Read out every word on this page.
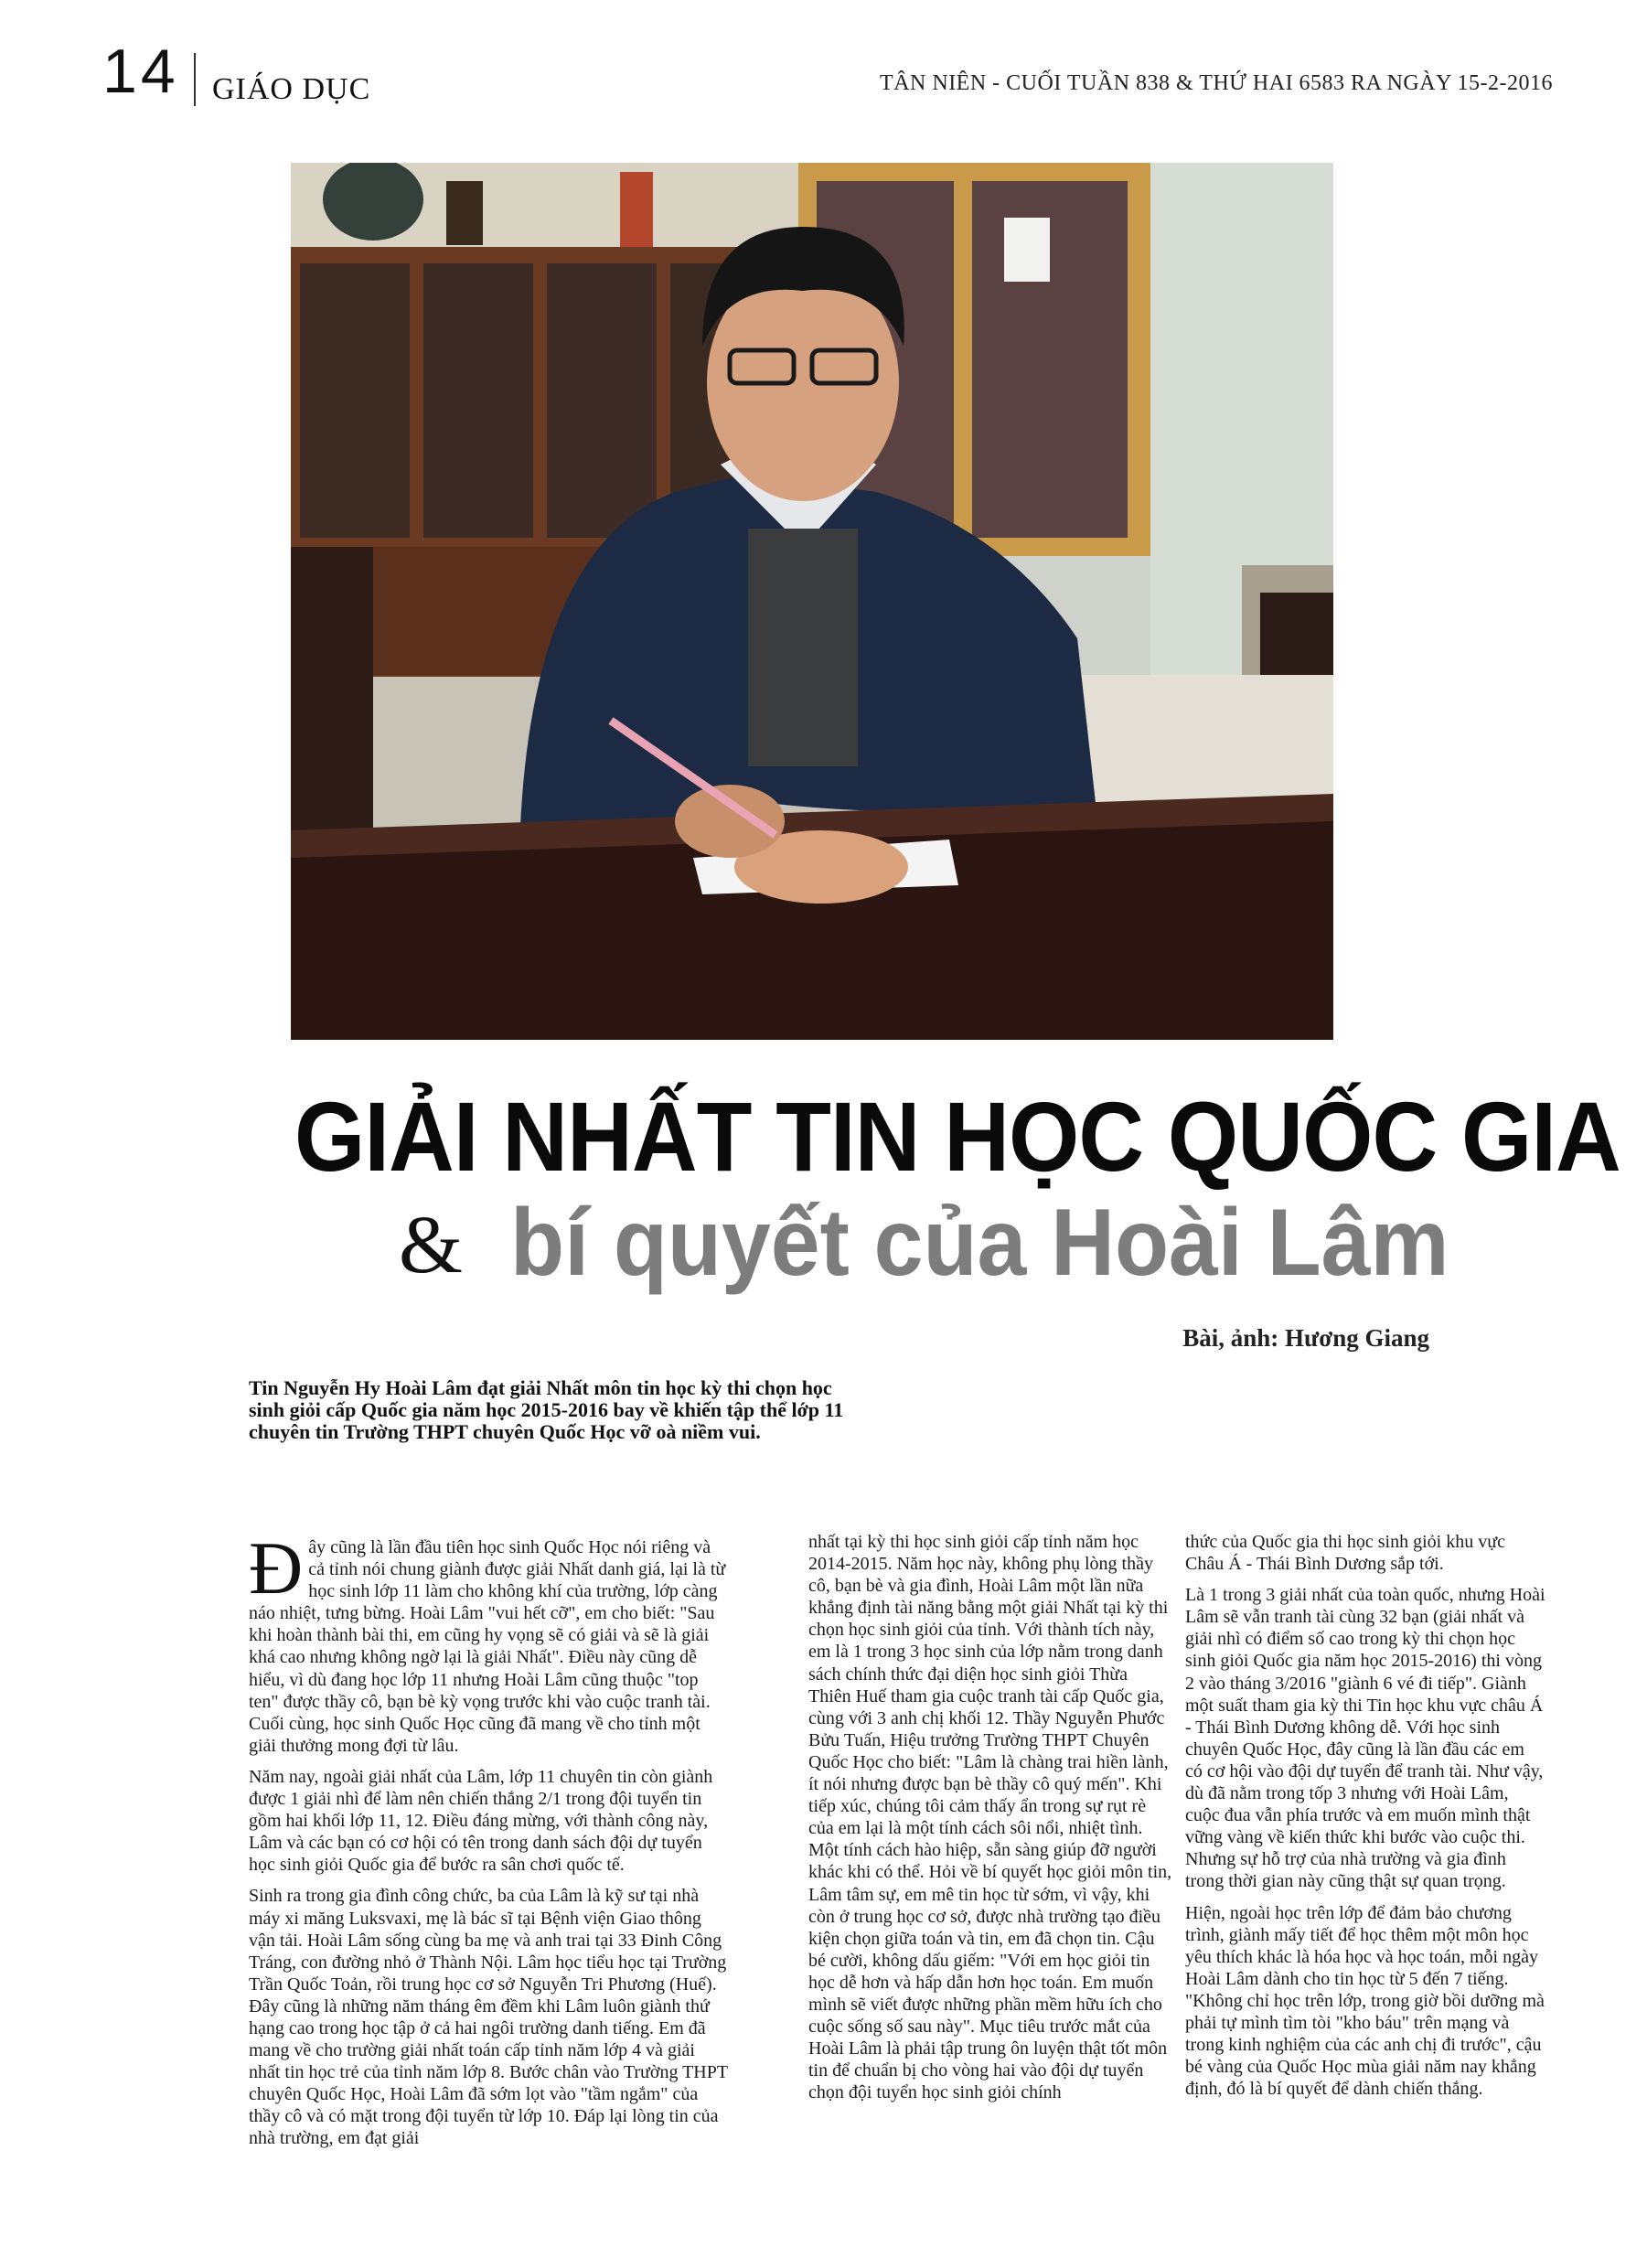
14 GIÁO DỤC	TÂN NIÊN - CUỐI TUẦN 838 & THỨ HAI 6583 RA NGÀY 15-2-2016
GIẢI NHẤT TIN HỌC QUỐC GIA
& bí quyết của Hoài Lâm
Bài, ảnh: Hương Giang
Tin Nguyễn Hy Hoài Lâm đạt giải Nhất môn tin học kỳ thi chọn học sinh giỏi cấp Quốc gia năm học 2015-2016 bay về khiến tập thể lớp 11 chuyên tin Trường THPT chuyên Quốc Học vỡ oà niềm vui.

Đây cũng là lần đầu tiên học sinh Quốc Học nói riêng và cả tỉnh nói chung giành được giải Nhất danh giá, lại là từ học sinh lớp 11 làm cho không khí của trường, lớp càng náo nhiệt, tưng bừng. Hoài Lâm "vui hết cỡ", em cho biết: "Sau khi hoàn thành bài thi, em cũng hy vọng sẽ có giải và sẽ là giải khá cao nhưng không ngờ lại là giải Nhất". Điều này cũng dễ hiểu, vì dù đang học lớp 11 nhưng Hoài Lâm cũng thuộc "top ten" được thầy cô, bạn bè kỳ vọng trước khi vào cuộc tranh tài. Cuối cùng, học sinh Quốc Học cũng đã mang về cho tỉnh một giải thưởng mong đợi từ lâu.

Năm nay, ngoài giải nhất của Lâm, lớp 11 chuyên tin còn giành được 1 giải nhì để làm nên chiến thắng 2/1 trong đội tuyển tin gồm hai khối lớp 11, 12. Điều đáng mừng, với thành công này, Lâm và các bạn có cơ hội có tên trong danh sách đội dự tuyển học sinh giỏi Quốc gia để bước ra sân chơi quốc tế.

Sinh ra trong gia đình công chức, ba của Lâm là kỹ sư tại nhà máy xi măng Luksvaxi, mẹ là bác sĩ tại Bệnh viện Giao thông vận tải. Hoài Lâm sống cùng ba mẹ và anh trai tại 33 Đinh Công Tráng, con đường nhỏ ở Thành Nội. Lâm học tiểu học tại Trường Trần Quốc Toản, rồi trung học cơ sở Nguyễn Tri Phương (Huế). Đây cũng là những năm tháng êm đềm khi Lâm luôn giành thứ hạng cao trong học tập ở cả hai ngôi trường danh tiếng. Em đã mang về cho trường giải nhất toán cấp tỉnh năm lớp 4 và giải nhất tin học trẻ của tỉnh năm lớp 8. Bước chân vào Trường THPT chuyên Quốc Học, Hoài Lâm đã sớm lọt vào "tầm ngắm" của thầy cô và có mặt trong đội tuyển từ lớp 10. Đáp lại lòng tin của nhà trường, em đạt giải

nhất tại kỳ thi học sinh giỏi cấp tỉnh năm học 2014-2015. Năm học này, không phụ lòng thầy cô, bạn bè và gia đình, Hoài Lâm một lần nữa khẳng định tài năng bằng một giải Nhất tại kỳ thi chọn học sinh giỏi của tỉnh. Với thành tích này, em là 1 trong 3 học sinh của lớp nằm trong danh sách chính thức đại diện học sinh giỏi Thừa Thiên Huế tham gia cuộc tranh tài cấp Quốc gia, cùng với 3 anh chị khối 12. Thầy Nguyễn Phước Bửu Tuấn, Hiệu trưởng Trường THPT Chuyên Quốc Học cho biết: "Lâm là chàng trai hiền lành, ít nói nhưng được bạn bè thầy cô quý mến". Khi tiếp xúc, chúng tôi cảm thấy ẩn trong sự rụt rè của em lại là một tính cách sôi nổi, nhiệt tình. Một tính cách hào hiệp, sẵn sàng giúp đỡ người khác khi có thể. Hỏi về bí quyết học giỏi môn tin, Lâm tâm sự, em mê tin học từ sớm, vì vậy, khi còn ở trung học cơ sở, được nhà trường tạo điều kiện chọn giữa toán và tin, em đã chọn tin. Cậu bé cười, không dấu giếm: "Với em học giỏi tin học dễ hơn và hấp dẫn hơn học toán. Em muốn mình sẽ viết được những phần mềm hữu ích cho cuộc sống số sau này". Mục tiêu trước mắt của Hoài Lâm là phải tập trung ôn luyện thật tốt môn tin để chuẩn bị cho vòng hai vào đội dự tuyển chọn đội tuyển học sinh giỏi chính

thức của Quốc gia thi học sinh giỏi khu vực Châu Á - Thái Bình Dương sắp tới.

Là 1 trong 3 giải nhất của toàn quốc, nhưng Hoài Lâm sẽ vẫn tranh tài cùng 32 bạn (giải nhất và giải nhì có điểm số cao trong kỳ thi chọn học sinh giỏi Quốc gia năm học 2015-2016) thi vòng 2 vào tháng 3/2016 "giành 6 vé đi tiếp". Giành một suất tham gia kỳ thi Tin học khu vực châu Á - Thái Bình Dương không dễ. Với học sinh chuyên Quốc Học, đây cũng là lần đầu các em có cơ hội vào đội dự tuyển để tranh tài. Như vậy, dù đã nằm trong tốp 3 nhưng với Hoài Lâm, cuộc đua vẫn phía trước và em muốn mình thật vững vàng về kiến thức khi bước vào cuộc thi. Nhưng sự hỗ trợ của nhà trường và gia đình trong thời gian này cũng thật sự quan trọng.

Hiện, ngoài học trên lớp để đảm bảo chương trình, giành mấy tiết để học thêm một môn học yêu thích khác là hóa học và học toán, mỗi ngày Hoài Lâm dành cho tin học từ 5 đến 7 tiếng. "Không chỉ học trên lớp, trong giờ bồi dưỡng mà phải tự mình tìm tòi "kho báu" trên mạng và trong kinh nghiệm của các anh chị đi trước", cậu bé vàng của Quốc Học mùa giải năm nay khẳng định, đó là bí quyết để dành chiến thắng.
